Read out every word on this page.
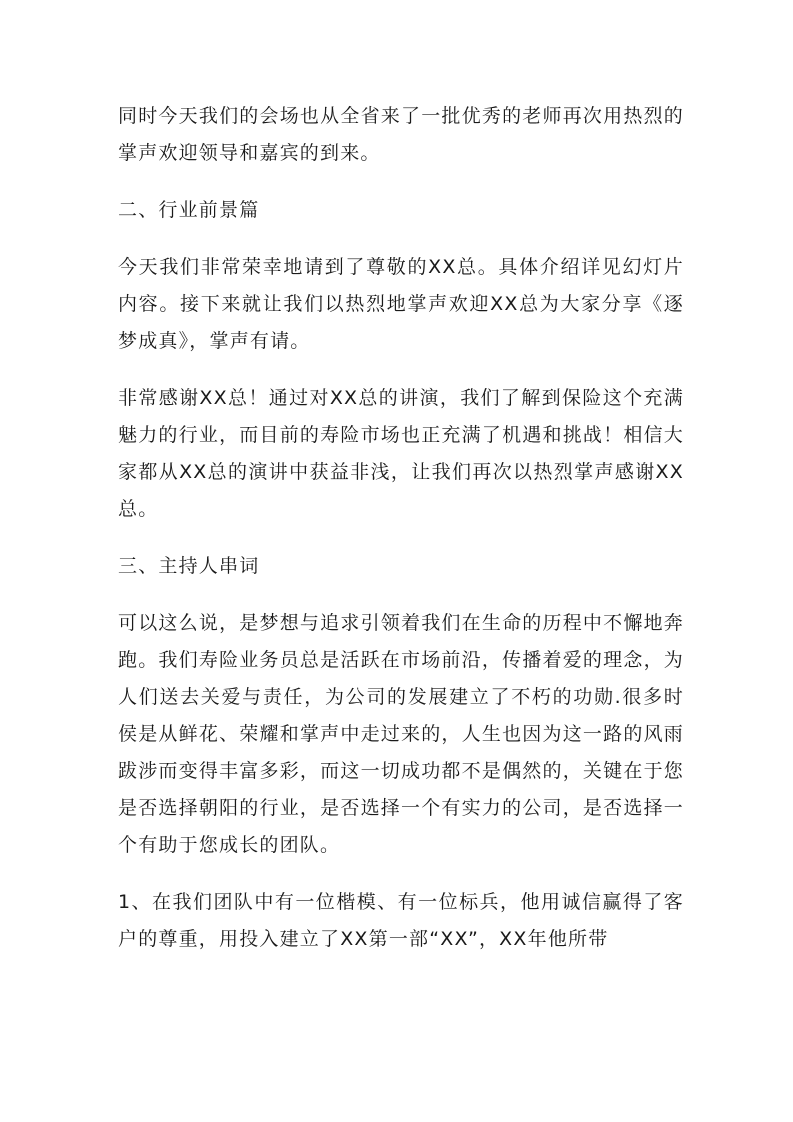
同时今天我们的会场也从全省来了一批优秀的老师再次用热烈的掌声欢迎领导和嘉宾的到来。

二、行业前景篇

今天我们非常荣幸地请到了尊敬的XX总。具体介绍详见幻灯片内容。接下来就让我们以热烈地掌声欢迎XX总为大家分享《逐梦成真》，掌声有请。

非常感谢XX总！通过对XX总的讲演，我们了解到保险这个充满魅力的行业，而目前的寿险市场也正充满了机遇和挑战！相信大家都从XX总的演讲中获益非浅，让我们再次以热烈掌声感谢XX总。

三、主持人串词

可以这么说，是梦想与追求引领着我们在生命的历程中不懈地奔跑。我们寿险业务员总是活跃在市场前沿，传播着爱的理念，为人们送去关爱与责任，为公司的发展建立了不朽的功勋.很多时侯是从鲜花、荣耀和掌声中走过来的，人生也因为这一路的风雨跋涉而变得丰富多彩，而这一切成功都不是偶然的，关键在于您是否选择朝阳的行业，是否选择一个有实力的公司，是否选择一个有助于您成长的团队。

1、在我们团队中有一位楷模、有一位标兵，他用诚信赢得了客户的尊重，用投入建立了XX第一部“XX”，XX年他所带
